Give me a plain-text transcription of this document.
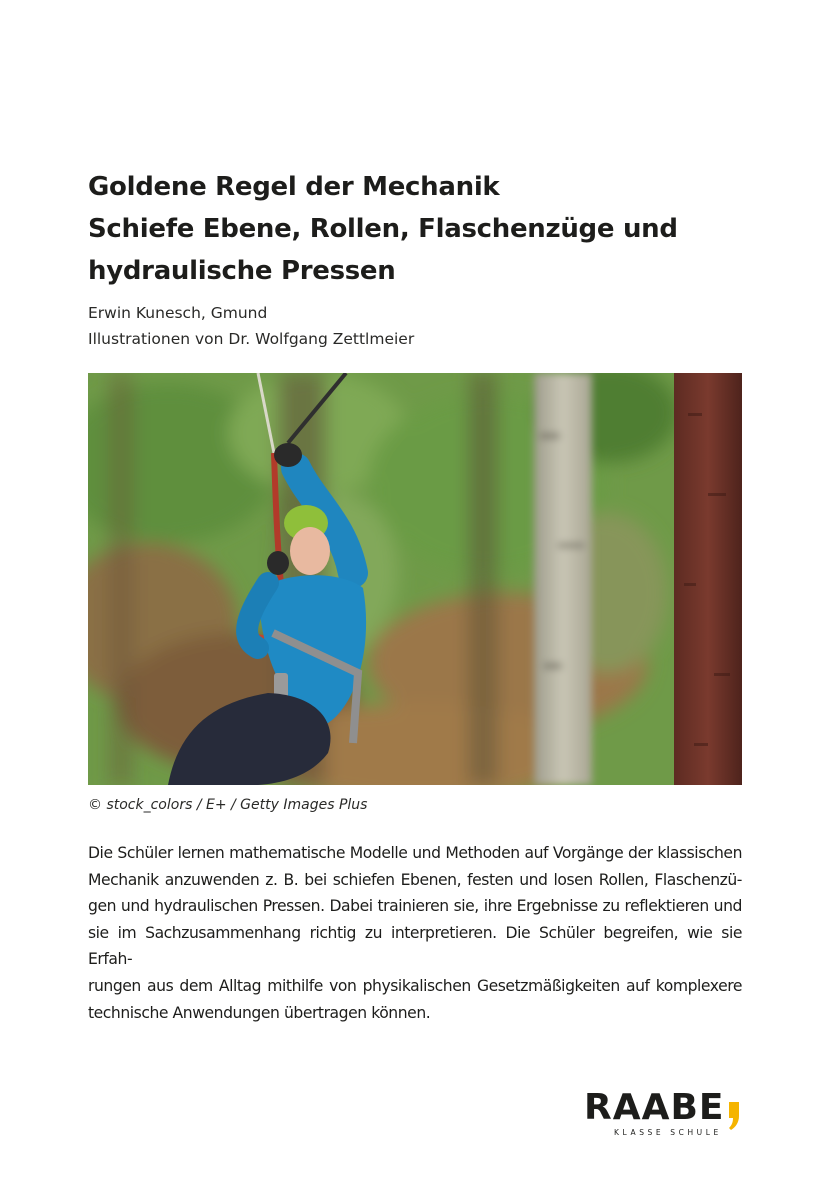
Goldene Regel der Mechanik
Schiefe Ebene, Rollen, Flaschenzüge und
hydraulische Pressen
Erwin Kunesch, Gmund
Illustrationen von Dr. Wolfgang Zettlmeier
© stock_colors / E+ / Getty Images Plus
Die Schüler lernen mathematische Modelle und Methoden auf Vorgänge der klassischen
Mechanik anzuwenden z. B. bei schiefen Ebenen, festen und losen Rollen, Flaschenzü-
gen und hydraulischen Pressen. Dabei trainieren sie, ihre Ergebnisse zu reflektieren und
sie im Sachzusammenhang richtig zu interpretieren. Die Schüler begreifen, wie sie Erfah-
rungen aus dem Alltag mithilfe von physikalischen Gesetzmäßigkeiten auf komplexere
technische Anwendungen übertragen können.
RAABE
KLASSE SCHULE
